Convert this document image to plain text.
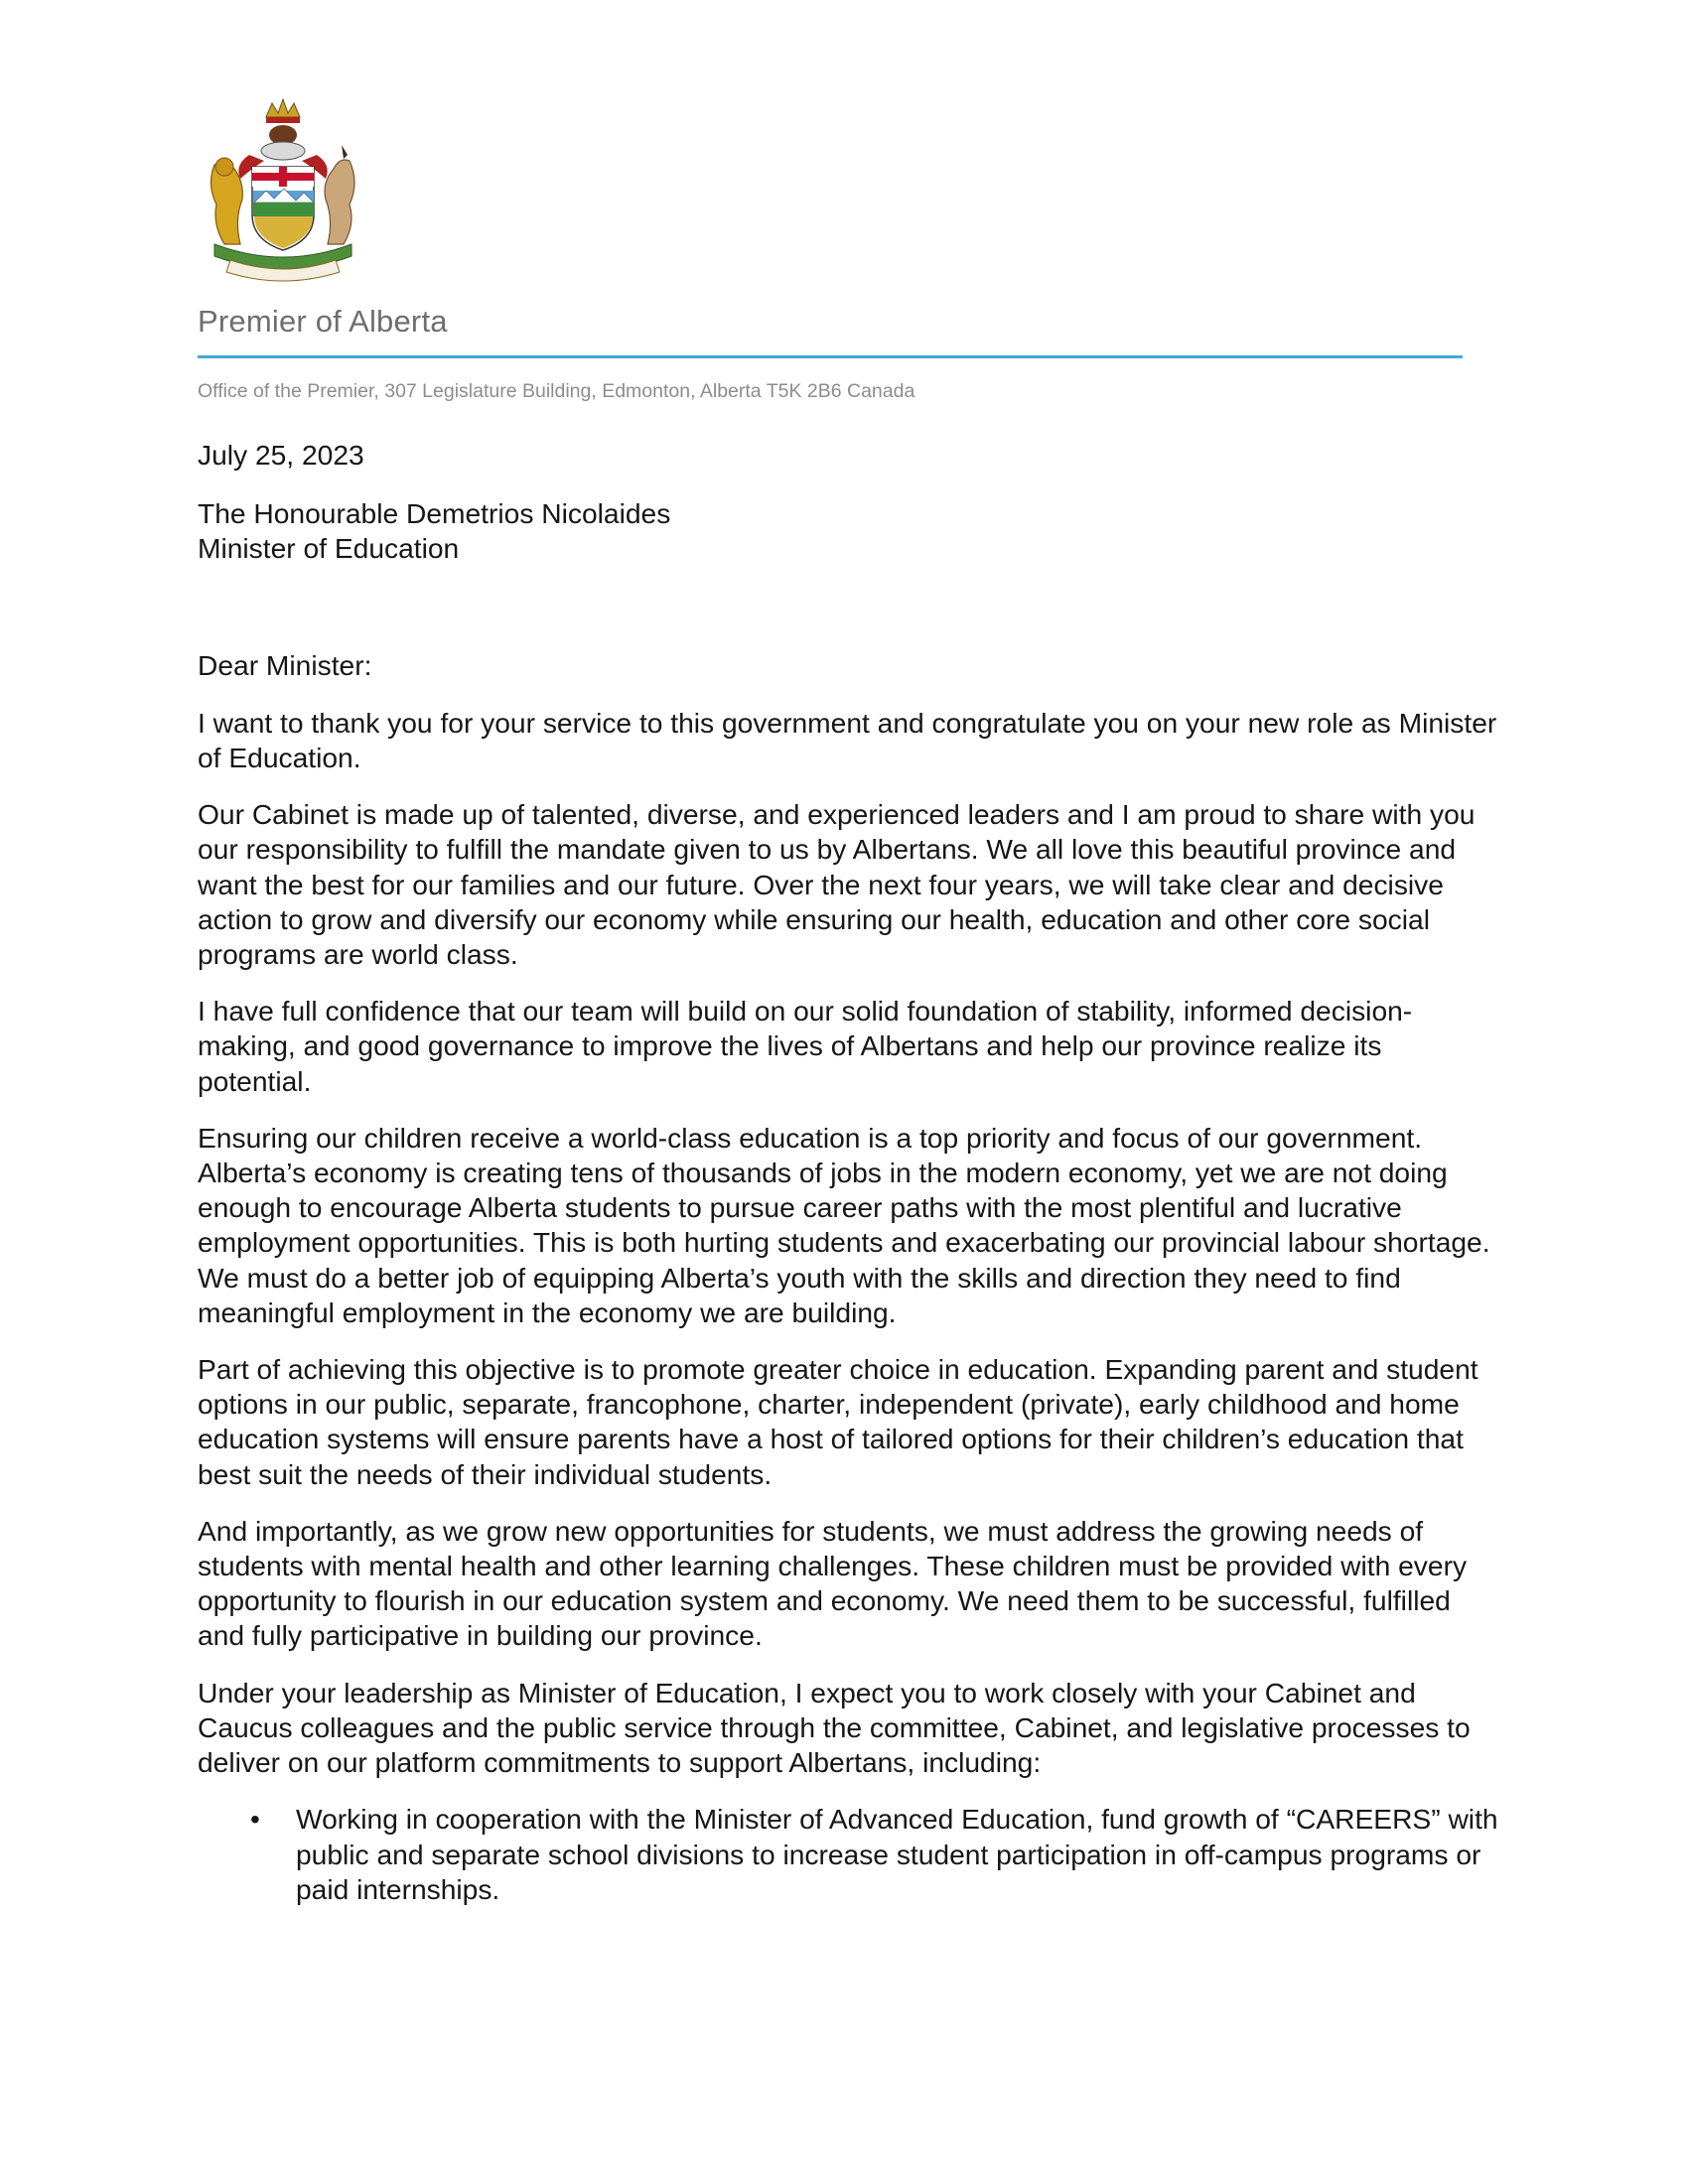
Premier of Alberta
Office of the Premier, 307 Legislature Building, Edmonton, Alberta T5K 2B6 Canada

July 25, 2023

The Honourable Demetrios Nicolaides

Minister of Education

Dear Minister:

I want to thank you for your service to this government and congratulate you on your new role as Minister of Education.

Our Cabinet is made up of talented, diverse, and experienced leaders and I am proud to share with you our responsibility to fulfill the mandate given to us by Albertans. We all love this beautiful province and want the best for our families and our future. Over the next four years, we will take clear and decisive action to grow and diversify our economy while ensuring our health, education and other core social programs are world class.

I have full confidence that our team will build on our solid foundation of stability, informed decision-making, and good governance to improve the lives of Albertans and help our province realize its potential.

Ensuring our children receive a world-class education is a top priority and focus of our government. Alberta’s economy is creating tens of thousands of jobs in the modern economy, yet we are not doing enough to encourage Alberta students to pursue career paths with the most plentiful and lucrative employment opportunities. This is both hurting students and exacerbating our provincial labour shortage. We must do a better job of equipping Alberta’s youth with the skills and direction they need to find meaningful employment in the economy we are building.

Part of achieving this objective is to promote greater choice in education. Expanding parent and student options in our public, separate, francophone, charter, independent (private), early childhood and home education systems will ensure parents have a host of tailored options for their children’s education that best suit the needs of their individual students.

And importantly, as we grow new opportunities for students, we must address the growing needs of students with mental health and other learning challenges. These children must be provided with every opportunity to flourish in our education system and economy. We need them to be successful, fulfilled and fully participative in building our province.

Under your leadership as Minister of Education, I expect you to work closely with your Cabinet and Caucus colleagues and the public service through the committee, Cabinet, and legislative processes to deliver on our platform commitments to support Albertans, including:

• Working in cooperation with the Minister of Advanced Education, fund growth of “CAREERS” with public and separate school divisions to increase student participation in off-campus programs or paid internships.
